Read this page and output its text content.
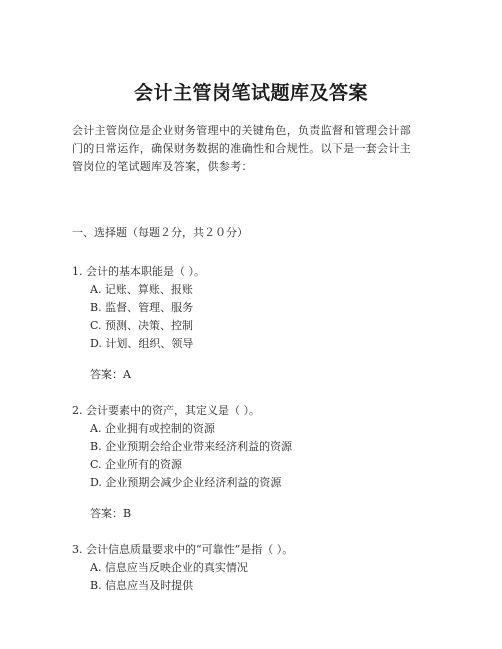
会计主管岗笔试题库及答案
会计主管岗位是企业财务管理中的关键角色，负责监督和管理会计部
门的日常运作，确保财务数据的准确性和合规性。以下是一套会计主
管岗位的笔试题库及答案，供参考：
一、选择题（每题２分，共２０分）
1. 会计的基本职能是（ ）。
A. 记账、算账、报账
B. 监督、管理、服务
C. 预测、决策、控制
D. 计划、组织、领导
答案：A
2. 会计要素中的资产，其定义是（ ）。
A. 企业拥有或控制的资源
B. 企业预期会给企业带来经济利益的资源
C. 企业所有的资源
D. 企业预期会减少企业经济利益的资源
答案：B
3. 会计信息质量要求中的“可靠性”是指（ ）。
A. 信息应当反映企业的真实情况
B. 信息应当及时提供
